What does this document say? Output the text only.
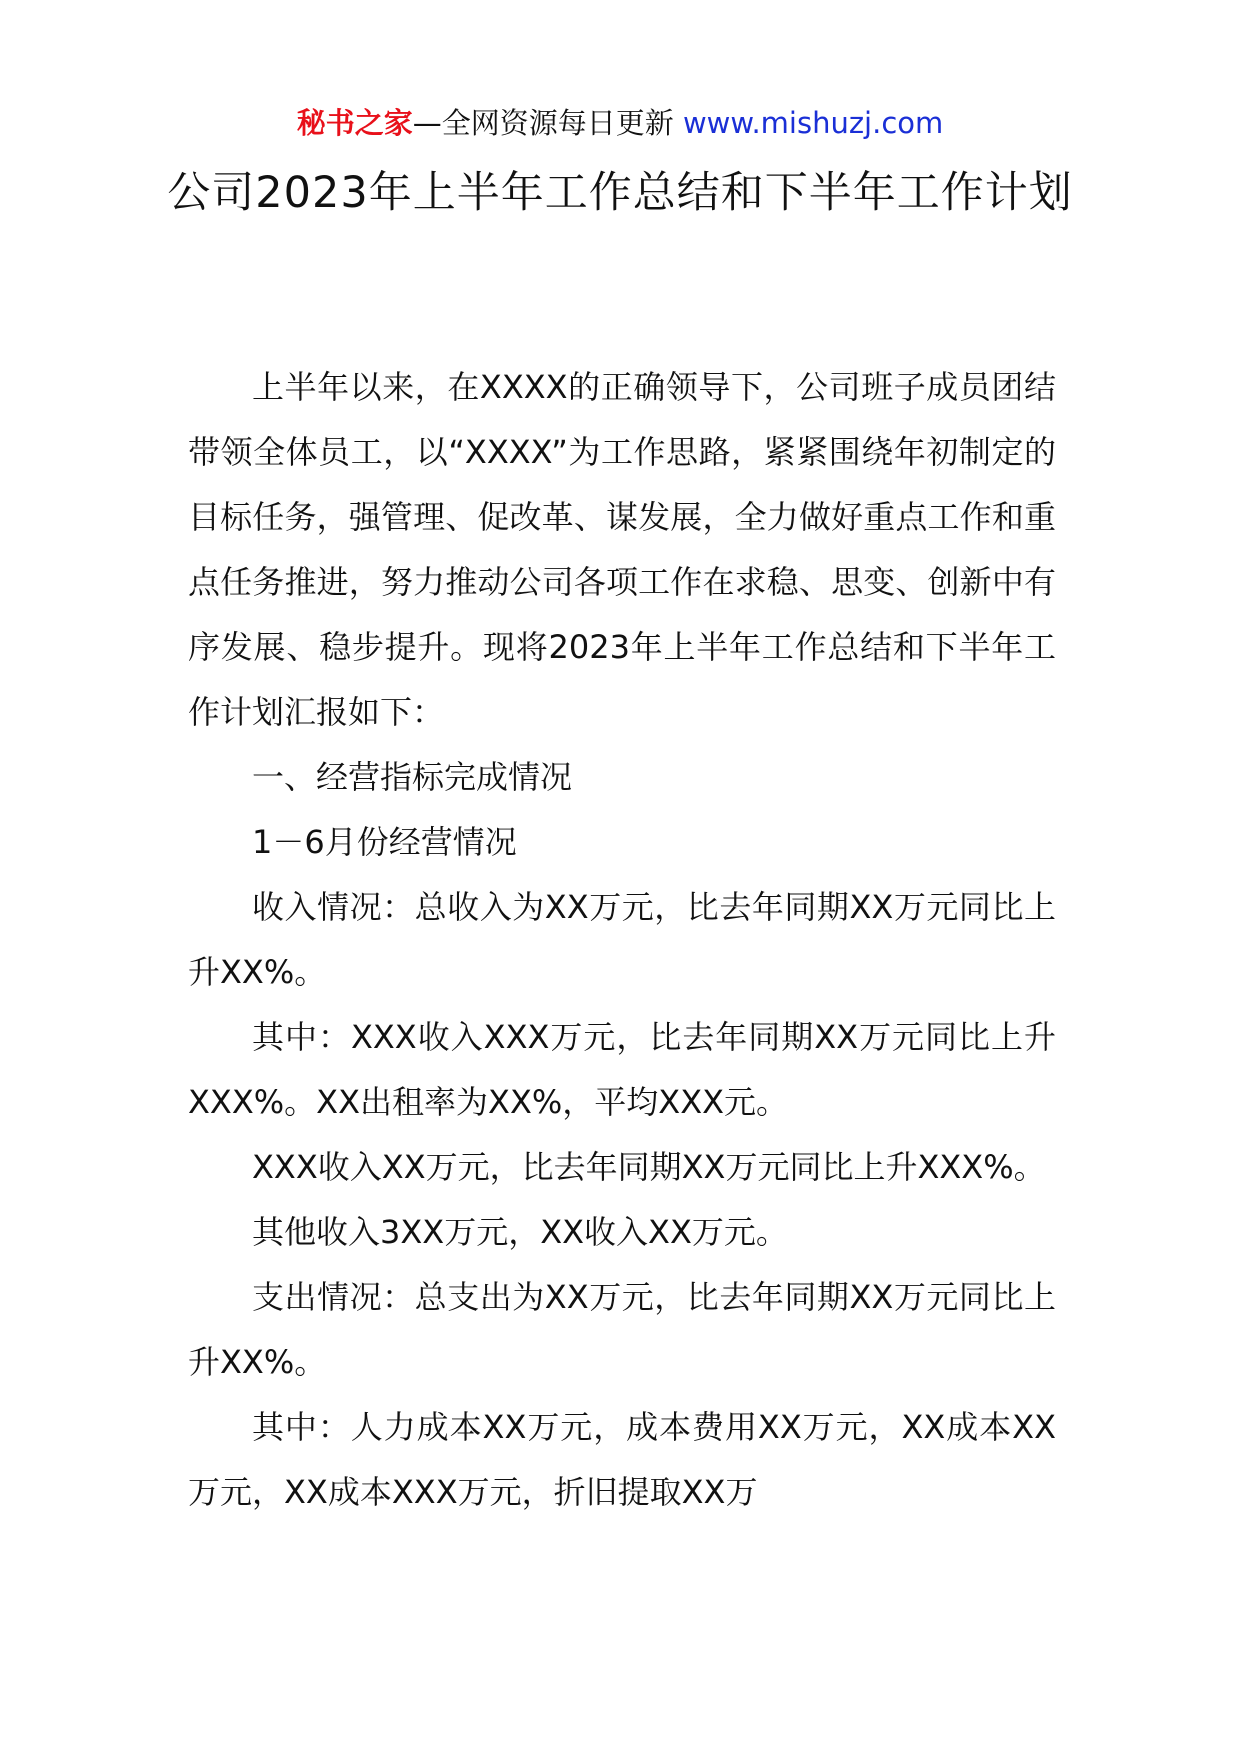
秘书之家—全网资源每日更新 www.mishuzj.com
公司2023年上半年工作总结和下半年工作计划

上半年以来，在XXXX的正确领导下，公司班子成员团结带领全体员工，以“XXXX”为工作思路，紧紧围绕年初制定的目标任务，强管理、促改革、谋发展，全力做好重点工作和重点任务推进，努力推动公司各项工作在求稳、思变、创新中有序发展、稳步提升。现将2023年上半年工作总结和下半年工作计划汇报如下：

一、经营指标完成情况

1－6月份经营情况

收入情况：总收入为XX万元，比去年同期XX万元同比上升XX%。

其中：XXX收入XXX万元，比去年同期XX万元同比上升XXX%。XX出租率为XX%，平均XXX元。

XXX收入XX万元，比去年同期XX万元同比上升XXX%。

其他收入3XX万元，XX收入XX万元。

支出情况：总支出为XX万元，比去年同期XX万元同比上升XX%。

其中：人力成本XX万元，成本费用XX万元，XX成本XX万元，XX成本XXX万元，折旧提取XX万
